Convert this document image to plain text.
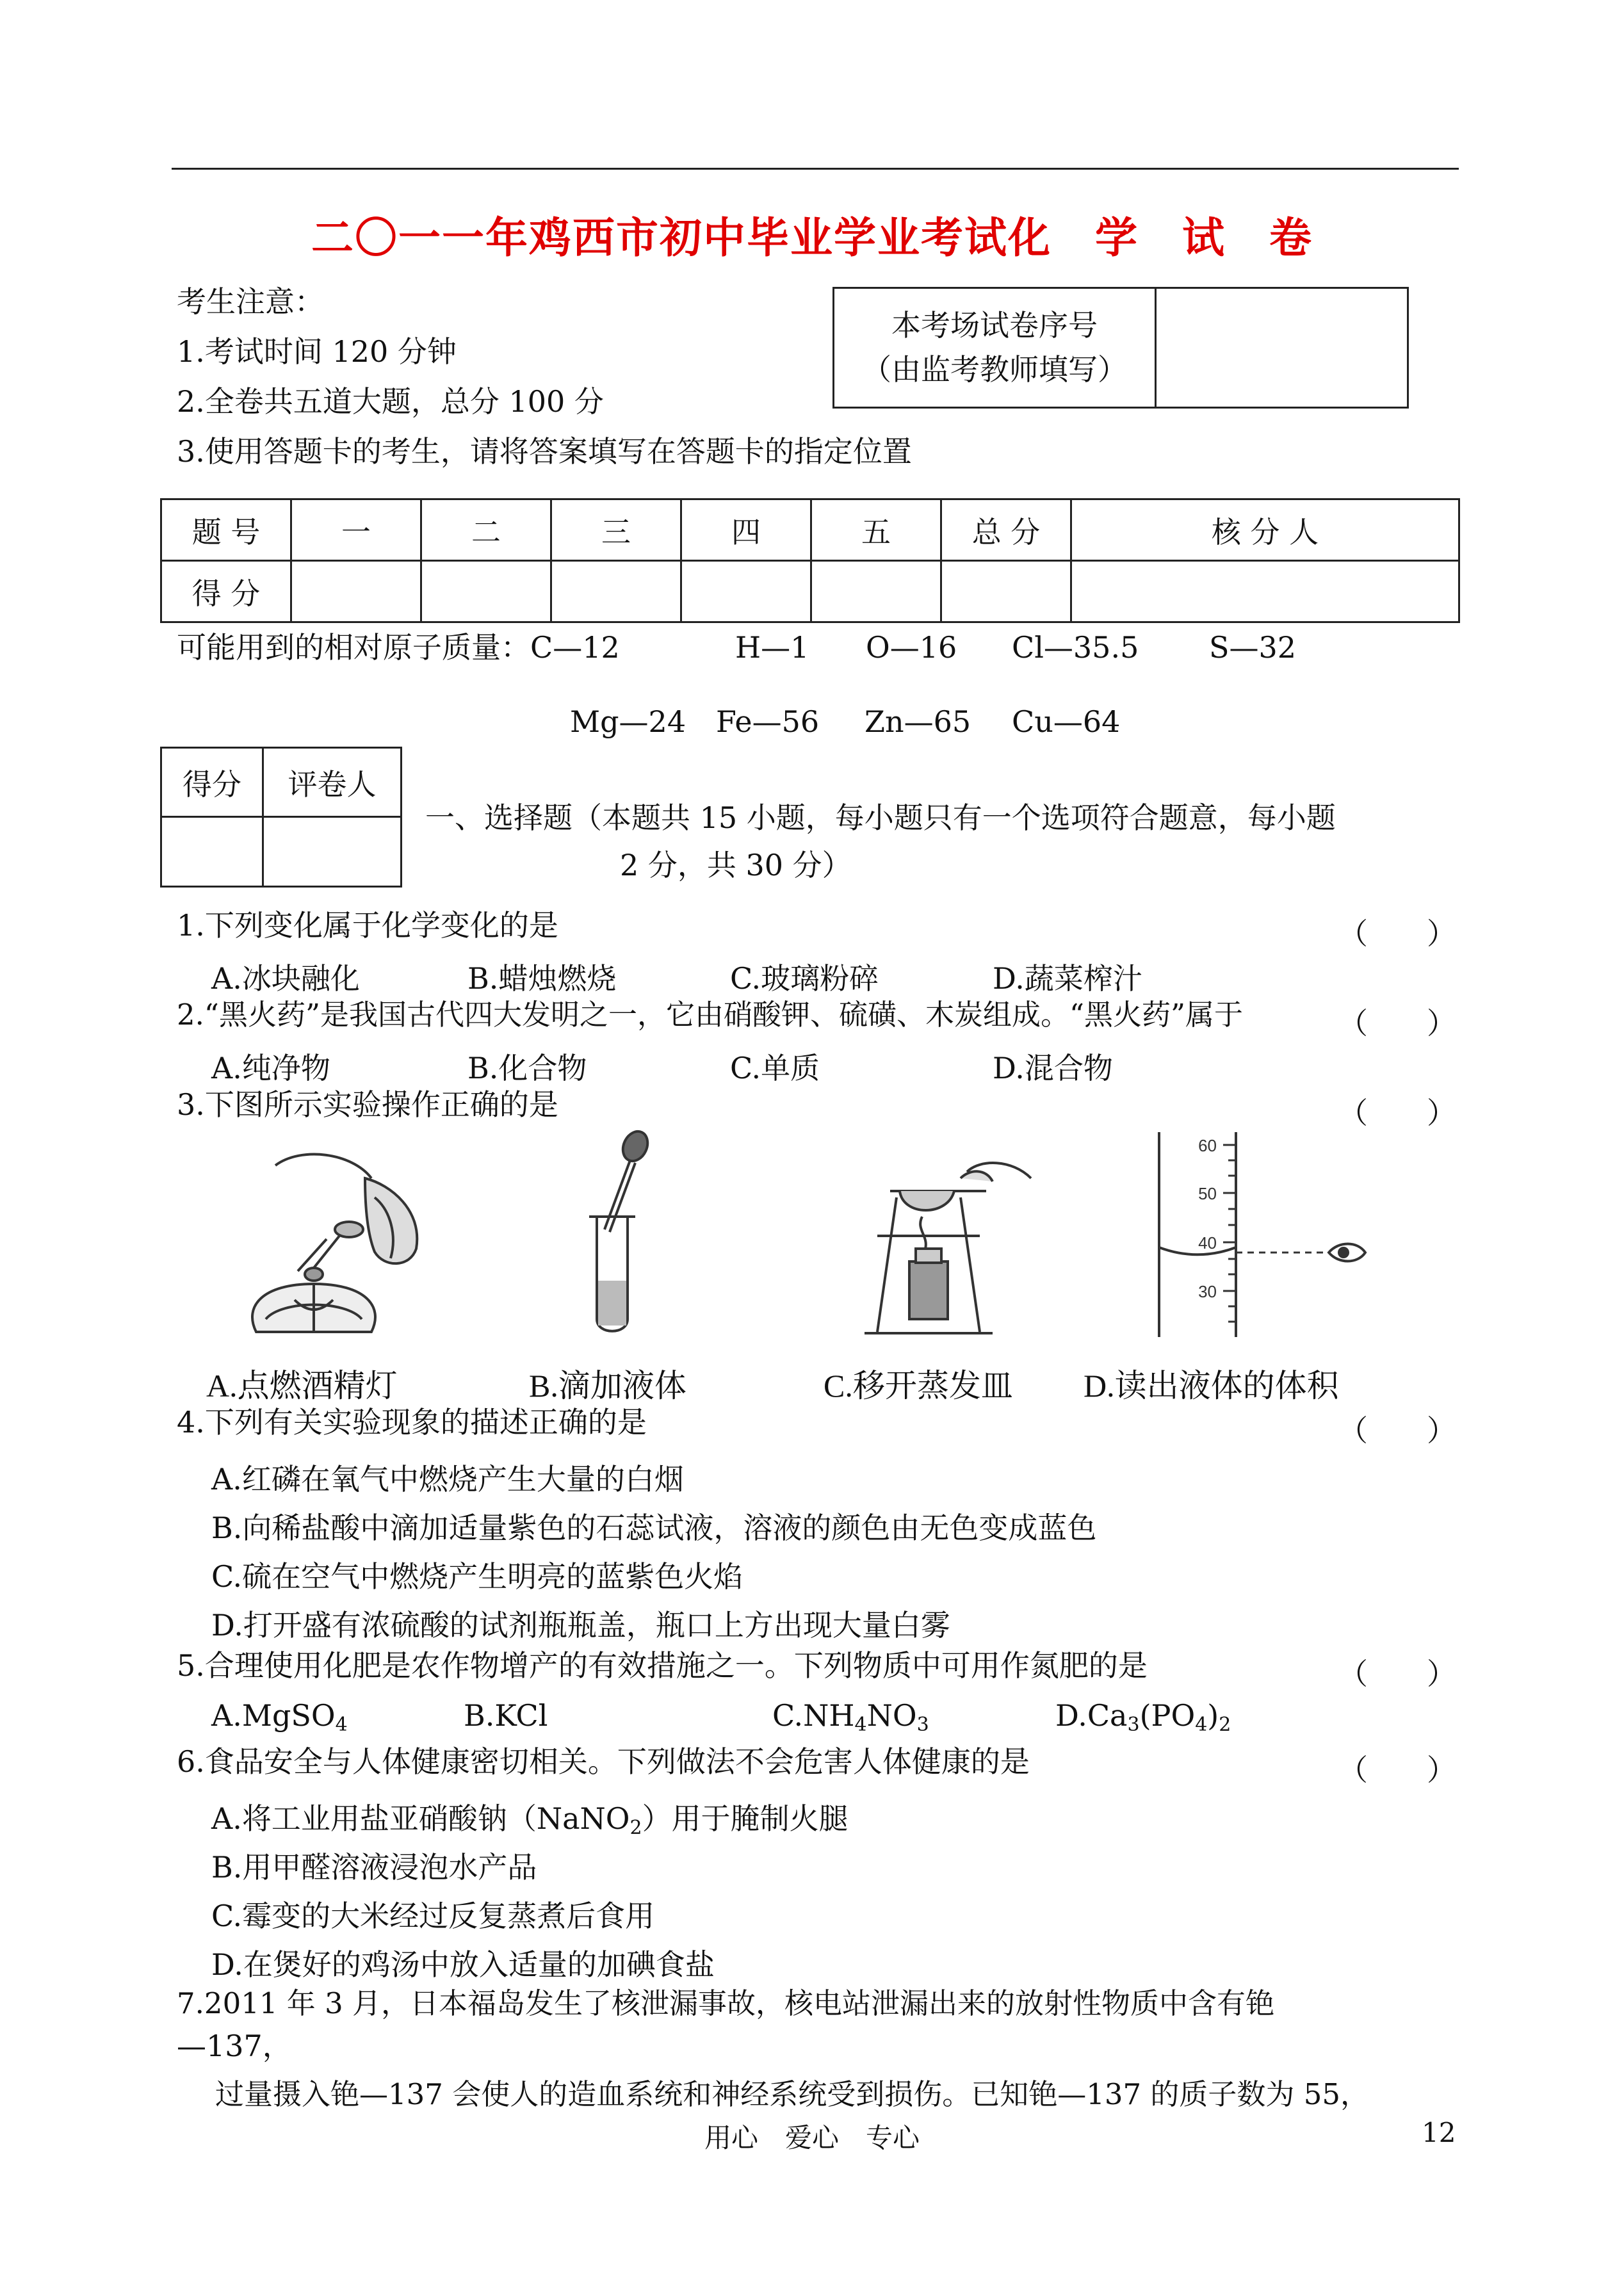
二〇一一年鸡西市初中毕业学业考试化　学　试　卷
考生注意：
1.考试时间 120 分钟
2.全卷共五道大题，总分 100 分
3.使用答题卡的考生，请将答案填写在答题卡的指定位置
本考场试卷序号
（由监考教师填写）

题 号	一	二	三	四	五	总 分	核 分 人
得 分							
可能用到的相对原子质量： C—12	H—1 O—16 Cl—35.5 S—32
Mg—24 Fe—56 Zn—65 Cu—64
得分	评卷人

一、选择题（本题共 15 小题，每小题只有一个选项符合题意，每小题
2 分，共 30 分）
1.下列变化属于化学变化的是	（　　）
A.冰块融化	B.蜡烛燃烧	C.玻璃粉碎	D.蔬菜榨汁
2.“黑火药”是我国古代四大发明之一，它由硝酸钾、硫磺、木炭组成。“黑火药”属于	（　　）
A.纯净物	B.化合物	C.单质	D.混合物
3.下图所示实验操作正确的是	（　　）
60
50
40
30
A.点燃酒精灯	B.滴加液体	C.移开蒸发皿 D.读出液体的体积
4.下列有关实验现象的描述正确的是	（　　）
A.红磷在氧气中燃烧产生大量的白烟
B.向稀盐酸中滴加适量紫色的石蕊试液，溶液的颜色由无色变成蓝色
C.硫在空气中燃烧产生明亮的蓝紫色火焰
D.打开盛有浓硫酸的试剂瓶瓶盖，瓶口上方出现大量白雾
5.合理使用化肥是农作物增产的有效措施之一。下列物质中可用作氮肥的是	（　　）
A.MgSO$_4$	B.KCl	$C.NH_4NO_3$	$D.Ca_3(PO_4)_2$
6.食品安全与人体健康密切相关。下列做法不会危害人体健康的是	（　　）
A.将工业用盐亚硝酸钠（NaNO$_2$）用于腌制火腿
B.用甲醛溶液浸泡水产品
C.霉变的大米经过反复蒸煮后食用
D.在煲好的鸡汤中放入适量的加碘食盐
7.2011 年 3 月，日本福岛发生了核泄漏事故，核电站泄漏出来的放射性物质中含有铯
—137，
过量摄入铯—137 会使人的造血系统和神经系统受到损伤。已知铯—137 的质子数为 55，
用心　爱心　专心	12
